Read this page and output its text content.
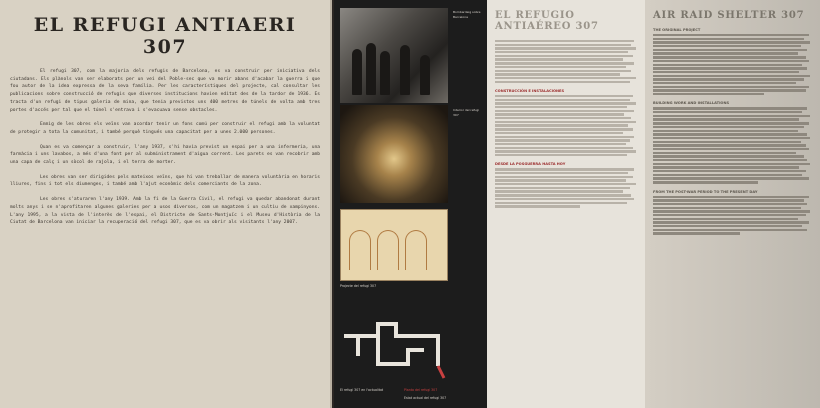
EL REFUGI ANTIAERI 307

El refugi 307, com la majoria dels refugis de Barcelona, es va construir per iniciativa dels ciutadans. Els plànols van ser elaborats per un veí del Poble-sec que va morir abans d'acabar la guerra i que fou autor de la idea expressa de la seva família. Per les característiques del projecte, cal consultar les publicacions sobre construcció de refugis que diverses institucions havien editat des de la tardor de 1936. Es tracta d'un refugi de tipus galeria de mina, que tenia previstos uns 400 metres de túnels de volta amb tres portes d'accés per tal que el túnel s'entrava i s'evacuava sense obstacles.

Enmig de les obres els veïns van acordar tenir un fons comú per construir el refugi amb la voluntat de protegir a tota la comunitat, i també perquè tingués una capacitat per a unes 2.000 persones.

Quan es va començar a construir, l'any 1937, s'hi havia previst un espai per a una infermeria, una farmàcia i uns lavabos, a més d'una font per al subministrament d'aigua corrent. Les parets es van recobrir amb una capa de calç i un sòcol de rajola, i el terra de morter.

Les obres van ser dirigides pels mateixos veïns, que hi van treballar de manera voluntària en horaris lliures, fins i tot els diumenges, i també amb l'ajut econòmic dels comerciants de la zona.

Les obres s'aturaren l'any 1939. Amb la fi de la Guerra Civil, el refugi va quedar abandonat durant molts anys i se n'aprofitaren algunes galeries per a usos diversos, com un magatzem i un cultiu de xampinyons. L'any 1995, a la vista de l'interès de l'espai, el Districte de Sants-Montjuïc i el Museu d'Història de la Ciutat de Barcelona van iniciar la recuperació del refugi 307, que es va obrir als visitants l'any 2007.

Bombardeig sobre Barcelona
Interior del refugi 307
Projecte del refugi 307
El refugi 307 en l'actualitat	Planta del refugi 307
Estat actual del refugi 307
EL REFUGIO ANTIAÉREO 307
CONSTRUCCIÓN E INSTALACIONES
DESDE LA POSGUERRA HASTA HOY
AIR RAID SHELTER 307
THE ORIGINAL PROJECT
BUILDING WORK AND INSTALLATIONS
FROM THE POST-WAR PERIOD TO THE PRESENT DAY
